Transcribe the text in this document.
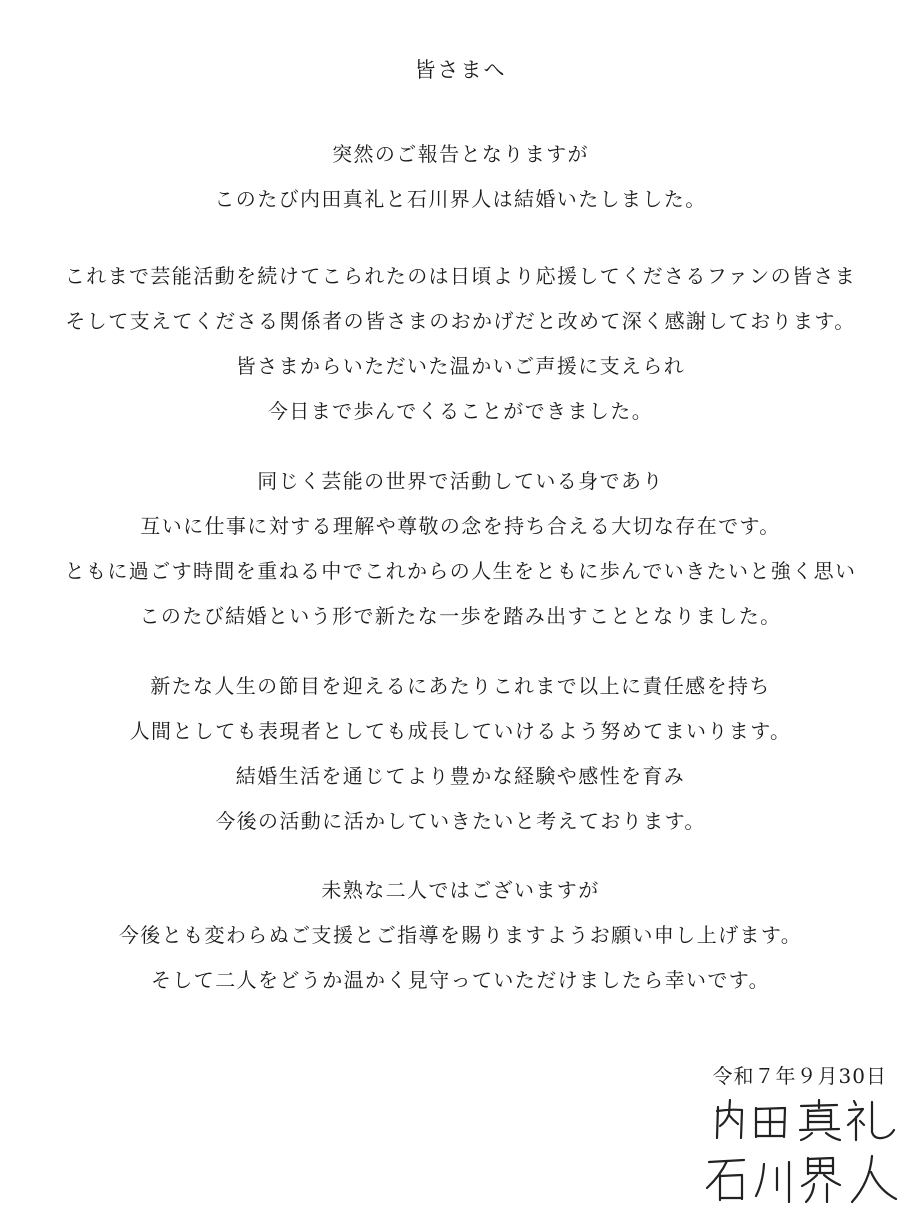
皆さまへ
突然のご報告となりますが
このたび内田真礼と石川界人は結婚いたしました。
これまで芸能活動を続けてこられたのは日頃より応援してくださるファンの皆さま
そして支えてくださる関係者の皆さまのおかげだと改めて深く感謝しております。
皆さまからいただいた温かいご声援に支えられ
今日まで歩んでくることができました。
同じく芸能の世界で活動している身であり
互いに仕事に対する理解や尊敬の念を持ち合える大切な存在です。
ともに過ごす時間を重ねる中でこれからの人生をともに歩んでいきたいと強く思い
このたび結婚という形で新たな一歩を踏み出すこととなりました。
新たな人生の節目を迎えるにあたりこれまで以上に責任感を持ち
人間としても表現者としても成長していけるよう努めてまいります。
結婚生活を通じてより豊かな経験や感性を育み
今後の活動に活かしていきたいと考えております。
未熟な二人ではございますが
今後とも変わらぬご支援とご指導を賜りますようお願い申し上げます。
そして二人をどうか温かく見守っていただけましたら幸いです。
令和７年９月30日
